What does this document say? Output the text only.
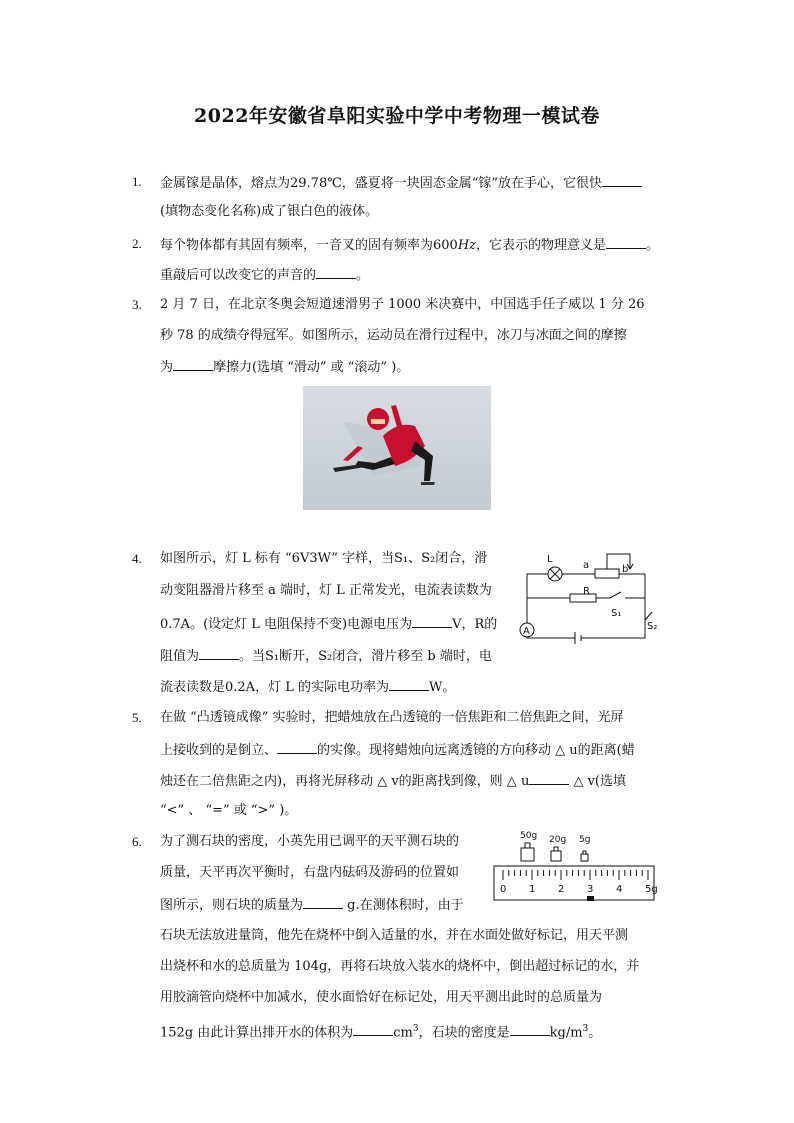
2022年安徽省阜阳实验中学中考物理一模试卷
1. 金属镓是晶体，熔点为29.78℃，盛夏将一块固态金属“镓”放在手心，它很快
(填物态变化名称)成了银白色的液体。
2. 每个物体都有其固有频率，一音叉的固有频率为600Hz，它表示的物理意义是	。
重敲后可以改变它的声音的	。
3. 2 月 7 日，在北京冬奥会短道速滑男子 1000 米决赛中，中国选手任子威以 1 分 26
秒 78 的成绩夺得冠军。如图所示，运动员在滑行过程中，冰刀与冰面之间的摩擦
为	摩擦力(选填 “滑动” 或 “滚动” )。
4. 如图所示，灯 L 标有 “6V3W” 字样，当S₁、S₂闭合，滑
动变阻器滑片移至 a 端时，灯 L 正常发光，电流表读数为
0.7A。(设定灯 L 电阻保持不变)电源电压为	V，R的
阻值为	。当S₁断开，S₂闭合，滑片移至 b 端时，电
流表读数是0.2A，灯 L 的实际电功率为	W。
L
a	b
R
S₁
A	S₂
5. 在做 “凸透镜成像” 实验时，把蜡烛放在凸透镜的一倍焦距和二倍焦距之间，光屏
上接收到的是倒立、	的实像。现将蜡烛向远离透镜的方向移动 △ u的距离(蜡
烛还在二倍焦距之内)，再将光屏移动 △ v的距离找到像，则 △ u	△ v(选填
“<” 、 “=” 或 “>” )。
6. 为了测石块的密度，小英先用已调平的天平测石块的
质量，天平再次平衡时，右盘内砝码及游码的位置如
图所示，则石块的质量为	g.在测体积时，由于
石块无法放进量筒，他先在烧杯中倒入适量的水，并在水面处做好标记，用天平测
出烧杯和水的总质量为 104g，再将石块放入装水的烧杯中，倒出超过标记的水，并
用胶滴管向烧杯中加减水，使水面恰好在标记处，用天平测出此时的总质量为
152g 由此计算出排开水的体积为	$cm^3$，石块的密度是	$kg/m^3$。
50g 20g 5g
0 1 2 3 4 5g
